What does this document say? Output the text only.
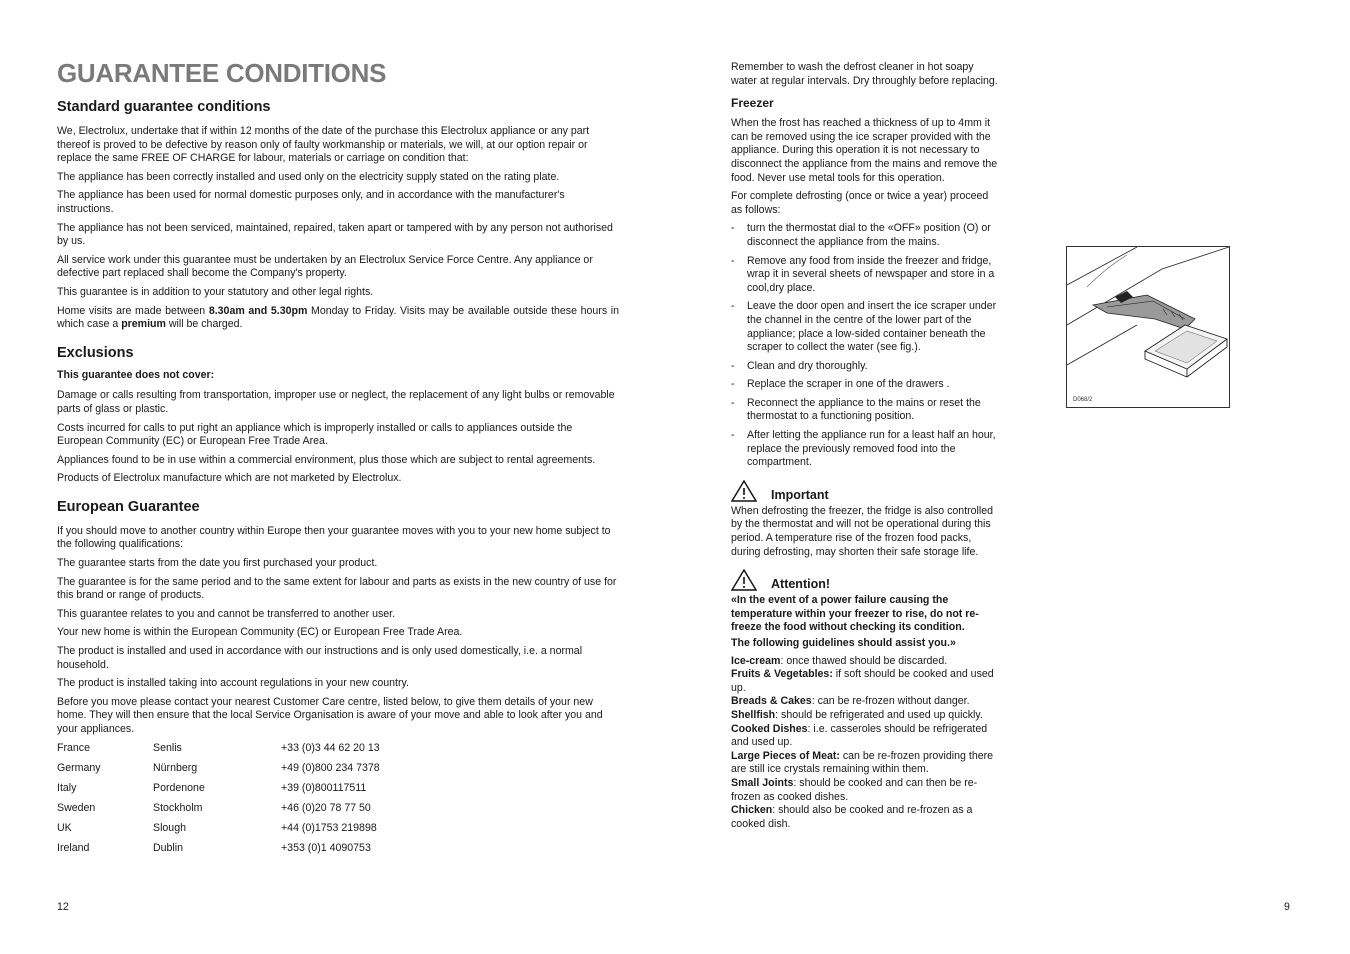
GUARANTEE CONDITIONS
Standard guarantee conditions

We, Electrolux, undertake that if within 12 months of the date of the purchase this Electrolux appliance or any part thereof is proved to be defective by reason only of faulty workmanship or materials, we will, at our option repair or replace the same FREE OF CHARGE for labour, materials or carriage on condition that:

The appliance has been correctly installed and used only on the electricity supply stated on the rating plate.

The appliance has been used for normal domestic purposes only, and in accordance with the manufacturer's instructions.

The appliance has not been serviced, maintained, repaired, taken apart or tampered with by any person not authorised by us.

All service work under this guarantee must be undertaken by an Electrolux Service Force Centre. Any appliance or defective part replaced shall become the Company's property.

This guarantee is in addition to your statutory and other legal rights.

Home visits are made between 8.30am and 5.30pm Monday to Friday. Visits may be available outside these hours in which case a premium will be charged.

Exclusions

This guarantee does not cover:

Damage or calls resulting from transportation, improper use or neglect, the replacement of any light bulbs or removable parts of glass or plastic.

Costs incurred for calls to put right an appliance which is improperly installed or calls to appliances outside the European Community (EC) or European Free Trade Area.

Appliances found to be in use within a commercial environment, plus those which are subject to rental agreements.

Products of Electrolux manufacture which are not marketed by Electrolux.

European Guarantee

If you should move to another country within Europe then your guarantee moves with you to your new home subject to the following qualifications:

The guarantee starts from the date you first purchased your product.

The guarantee is for the same period and to the same extent for labour and parts as exists in the new country of use for this brand or range of products.

This guarantee relates to you and cannot be transferred to another user.

Your new home is within the European Community (EC) or European Free Trade Area.

The product is installed and used in accordance with our instructions and is only used domestically, i.e. a normal household.

The product is installed taking into account regulations in your new country.

Before you move please contact your nearest Customer Care centre, listed below, to give them details of your new home. They will then ensure that the local Service Organisation is aware of your move and able to look after you and your appliances.

France	Senlis	+33 (0)3 44 62 20 13
Germany	Nürnberg	+49 (0)800 234 7378
Italy	Pordenone	+39 (0)800117511
Sweden	Stockholm	+46 (0)20 78 77 50
UK	Slough	+44 (0)1753 219898
Ireland	Dublin	+353 (0)1 4090753
12

Remember to wash the defrost cleaner in hot soapy water at regular intervals. Dry throughly before replacing.

Freezer

When the frost has reached a thickness of up to 4mm it can be removed using the ice scraper provided with the appliance. During this operation it is not necessary to disconnect the appliance from the mains and remove the food. Never use metal tools for this operation.

For complete defrosting (once or twice a year) proceed as follows:

- turn the thermostat dial to the «OFF» position (O) or disconnect the appliance from the mains.
- Remove any food from inside the freezer and fridge, wrap it in several sheets of newspaper and store in a cool,dry place.
- Leave the door open and insert the ice scraper under the channel in the centre of the lower part of the appliance; place a low-sided container beneath the scraper to collect the water (see fig.).
- Clean and dry thoroughly.
- Replace the scraper in one of the drawers .
- Reconnect the appliance to the mains or reset the thermostat to a functioning position.
- After letting the appliance run for a least half an hour, replace the previously removed food into the compartment.
Important

When defrosting the freezer, the fridge is also controlled by the thermostat and will not be operational during this period. A temperature rise of the frozen food packs, during defrosting, may shorten their safe storage life.

Attention!

«In the event of a power failure causing the temperature within your freezer to rise, do not re-freeze the food without checking its condition.

The following guidelines should assist you.»

Ice-cream: once thawed should be discarded.

Fruits & Vegetables: if soft should be cooked and used up.

Breads & Cakes: can be re-frozen without danger.

Shellfish: should be refrigerated and used up quickly.

Cooked Dishes: i.e. casseroles should be refrigerated and used up.

Large Pieces of Meat: can be re-frozen providing there are still ice crystals remaining within them.

Small Joints: should be cooked and can then be re-frozen as cooked dishes.

Chicken: should also be cooked and re-frozen as a cooked dish.

D068/2
9
